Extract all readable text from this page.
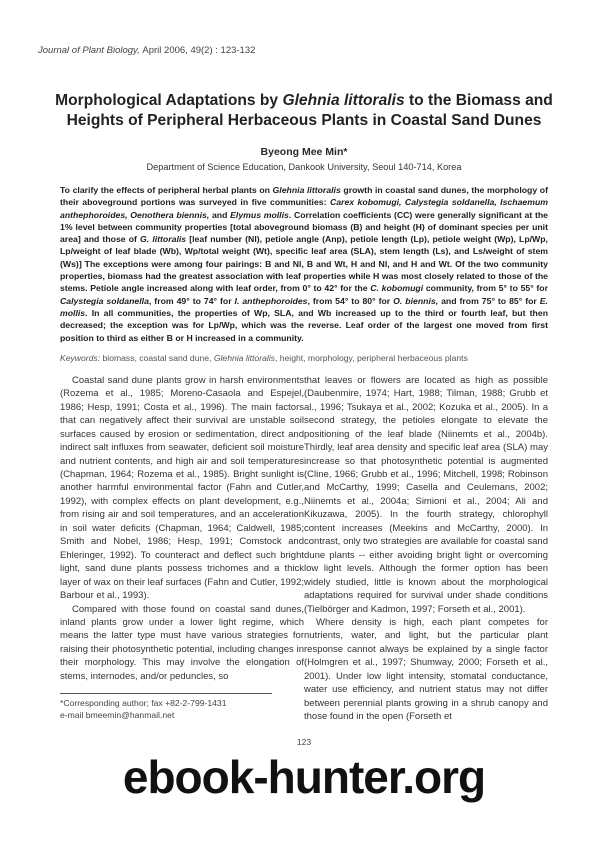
Journal of Plant Biology, April 2006, 49(2) : 123-132
Morphological Adaptations by Glehnia littoralis to the Biomass and
Heights of Peripheral Herbaceous Plants in Coastal Sand Dunes
Byeong Mee Min*
Department of Science Education, Dankook University, Seoul 140-714, Korea
To clarify the effects of peripheral herbal plants on Glehnia littoralis growth in coastal sand dunes, the morphology of their aboveground portions was surveyed in five communities: Carex kobomugi, Calystegia soldanella, Ischaemum anthephoroides, Oenothera biennis, and Elymus mollis. Correlation coefficients (CC) were generally significant at the 1% level between community properties [total aboveground biomass (B) and height (H) of dominant species per unit area] and those of G. littoralis [leaf number (Nl), petiole angle (Anp), petiole length (Lp), petiole weight (Wp), Lp/Wp, Lp/weight of leaf blade (Wb), Wp/total weight (Wt), specific leaf area (SLA), stem length (Ls), and Ls/weight of stem (Ws)] The exceptions were among four pairings: B and Nl, B and Wt, H and Nl, and H and Wt. Of the two community properties, biomass had the greatest association with leaf properties while H was most closely related to those of the stems. Petiole angle increased along with leaf order, from 0° to 42° for the C. kobomugi community, from 5° to 55° for Calystegia soldanella, from 49° to 74° for I. anthephoroides, from 54° to 80° for O. biennis, and from 75° to 85° for E. mollis. In all communities, the properties of Wp, SLA, and Wb increased up to the third or fourth leaf, but then decreased; the exception was for Lp/Wp, which was the reverse. Leaf order of the largest one moved from first position to third as either B or H increased in a community.
Keywords: biomass, coastal sand dune, Glehnia littoralis, height, morphology, peripheral herbaceous plants

Coastal sand dune plants grow in harsh environments (Rozema et al., 1985; Moreno-Casaola and Espejel, 1986; Hesp, 1991; Costa et al., 1996). The main factors that can negatively affect their survival are unstable soil surfaces caused by erosion or sedimentation, direct and indirect salt influxes from seawater, deficient soil moisture and nutrient contents, and high air and soil temperatures (Chapman, 1964; Rozema et al., 1985). Bright sunlight is another harmful environmental factor (Fahn and Cutler, 1992), with complex effects on plant development, e.g., from rising air and soil temperatures, and an acceleration in soil water deficits (Chapman, 1964; Caldwell, 1985; Smith and Nobel, 1986; Hesp, 1991; Comstock and Ehleringer, 1992). To counteract and deflect such bright light, sand dune plants possess trichomes and a thick layer of wax on their leaf surfaces (Fahn and Cutler, 1992; Barbour et al., 1993).

Compared with those found on coastal sand dunes, inland plants grow under a lower light regime, which means the latter type must have various strategies for raising their photosynthetic potential, including changes in their morphology. This may involve the elongation of stems, internodes, and/or peduncles, so

*Corresponding author; fax +82-2-799-1431
e-mail bmeemin@hanmail.net

that leaves or flowers are located as high as possible (Daubenmire, 1974; Hart, 1988; Tilman, 1988; Grubb et al., 1996; Tsukaya et al., 2002; Kozuka et al., 2005). In a second strategy, the petioles elongate to elevate the positioning of the leaf blade (Niinemts et al., 2004b). Thirdly, leaf area density and specific leaf area (SLA) may increase so that photosynthetic potential is augmented (Cline, 1966; Grubb et al., 1996; Mitchell, 1998; Robinson and McCarthy, 1999; Casella and Ceulemans, 2002; Niinemts et al., 2004a; Simioni et al., 2004; Ali and Kikuzawa, 2005). In the fourth strategy, chlorophyll content increases (Meekins and McCarthy, 2000). In contrast, only two strategies are available for coastal sand dune plants -- either avoiding bright light or overcoming low light levels. Although the former option has been widely studied, little is known about the morphological adaptations required for survival under shade conditions (Tielbörger and Kadmon, 1997; Forseth et al., 2001).

Where density is high, each plant competes for nutrients, water, and light, but the particular plant response cannot always be explained by a single factor (Holmgren et al., 1997; Shumway, 2000; Forseth et al., 2001). Under low light intensity, stomatal conductance, water use efficiency, and nutrient status may not differ between perennial plants growing in a shrub canopy and those found in the open (Forseth et

123
ebook-hunter.org
